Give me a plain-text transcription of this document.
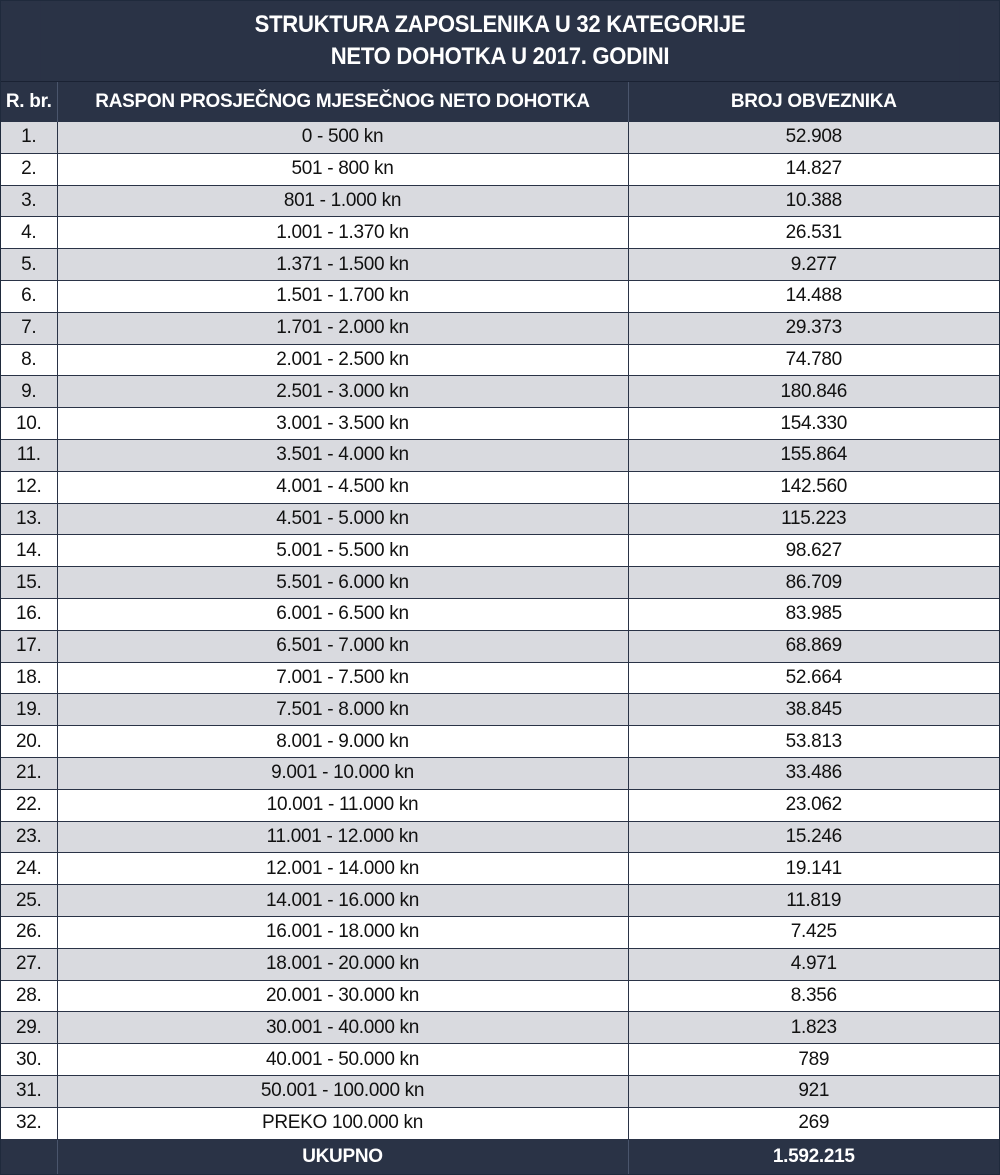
STRUKTURA ZAPOSLENIKA U 32 KATEGORIJE
NETO DOHOTKA U 2017. GODINI
R. br.	RASPON PROSJEČNOG MJESEČNOG NETO DOHOTKA	BROJ OBVEZNIKA
1.	0 - 500 kn	52.908
2.	501 - 800 kn	14.827
3.	801 - 1.000 kn	10.388
4.	1.001 - 1.370 kn	26.531
5.	1.371 - 1.500 kn	9.277
6.	1.501 - 1.700 kn	14.488
7.	1.701 - 2.000 kn	29.373
8.	2.001 - 2.500 kn	74.780
9.	2.501 - 3.000 kn	180.846
10.	3.001 - 3.500 kn	154.330
11.	3.501 - 4.000 kn	155.864
12.	4.001 - 4.500 kn	142.560
13.	4.501 - 5.000 kn	115.223
14.	5.001 - 5.500 kn	98.627
15.	5.501 - 6.000 kn	86.709
16.	6.001 - 6.500 kn	83.985
17.	6.501 - 7.000 kn	68.869
18.	7.001 - 7.500 kn	52.664
19.	7.501 - 8.000 kn	38.845
20.	8.001 - 9.000 kn	53.813
21.	9.001 - 10.000 kn	33.486
22.	10.001 - 11.000 kn	23.062
23.	11.001 - 12.000 kn	15.246
24.	12.001 - 14.000 kn	19.141
25.	14.001 - 16.000 kn	11.819
26.	16.001 - 18.000 kn	7.425
27.	18.001 - 20.000 kn	4.971
28.	20.001 - 30.000 kn	8.356
29.	30.001 - 40.000 kn	1.823
30.	40.001 - 50.000 kn	789
31.	50.001 - 100.000 kn	921
32.	PREKO 100.000 kn	269
	UKUPNO	1.592.215
